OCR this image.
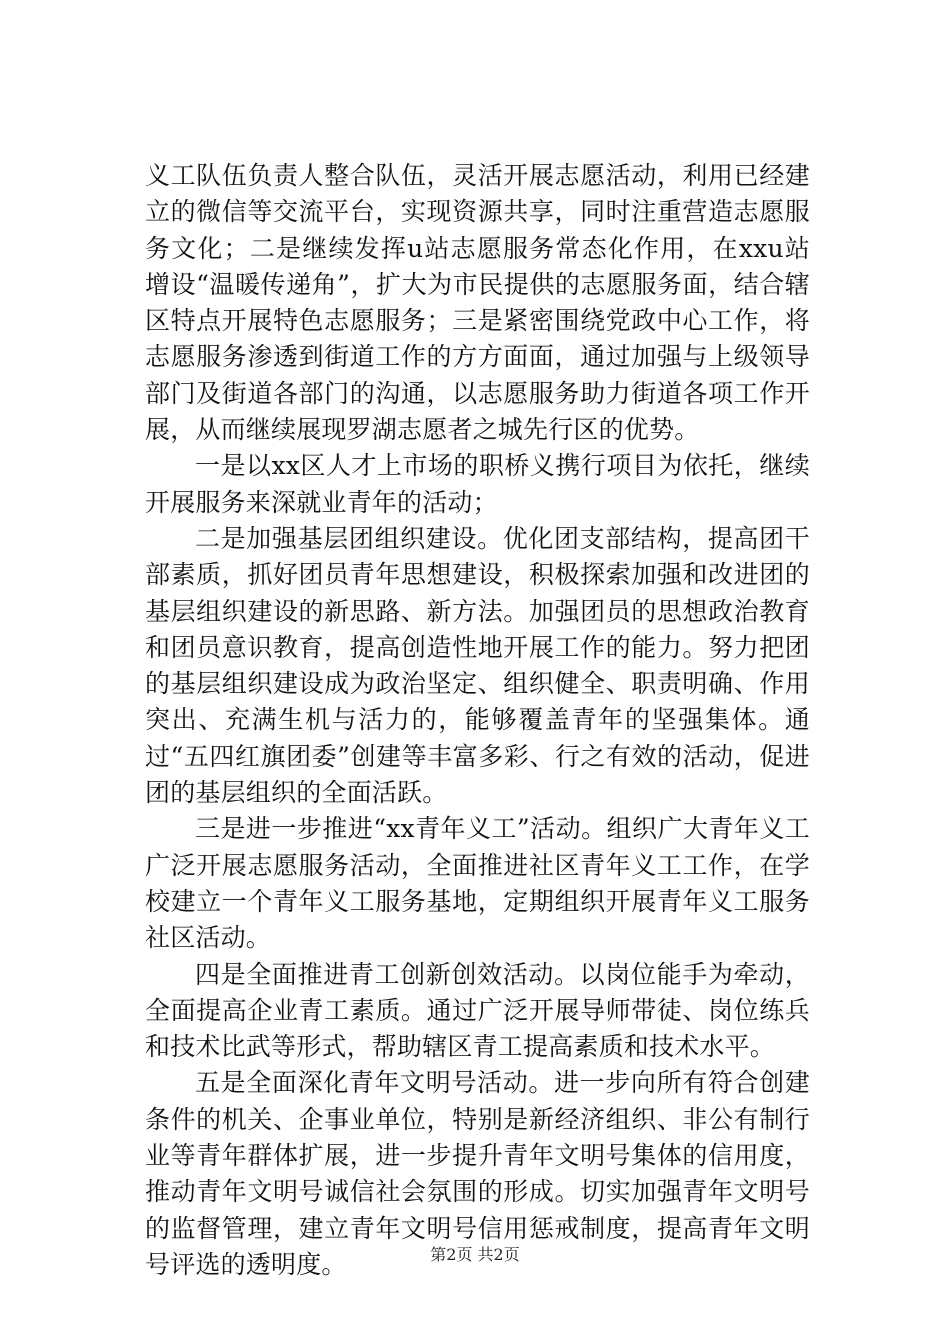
义工队伍负责人整合队伍，灵活开展志愿活动，利用已经建立的微信等交流平台，实现资源共享，同时注重营造志愿服务文化；二是继续发挥u站志愿服务常态化作用，在xxu站增设“温暖传递角”，扩大为市民提供的志愿服务面，结合辖区特点开展特色志愿服务；三是紧密围绕党政中心工作，将志愿服务渗透到街道工作的方方面面，通过加强与上级领导部门及街道各部门的沟通，以志愿服务助力街道各项工作开展，从而继续展现罗湖志愿者之城先行区的优势。

一是以xx区人才上市场的职桥义携行项目为依托，继续开展服务来深就业青年的活动；

二是加强基层团组织建设。优化团支部结构，提高团干部素质，抓好团员青年思想建设，积极探索加强和改进团的基层组织建设的新思路、新方法。加强团员的思想政治教育和团员意识教育，提高创造性地开展工作的能力。努力把团的基层组织建设成为政治坚定、组织健全、职责明确、作用突出、充满生机与活力的，能够覆盖青年的坚强集体。通过“五四红旗团委”创建等丰富多彩、行之有效的活动，促进团的基层组织的全面活跃。

三是进一步推进“xx青年义工”活动。组织广大青年义工广泛开展志愿服务活动，全面推进社区青年义工工作，在学校建立一个青年义工服务基地，定期组织开展青年义工服务社区活动。

四是全面推进青工创新创效活动。以岗位能手为牵动，全面提高企业青工素质。通过广泛开展导师带徒、岗位练兵和技术比武等形式，帮助辖区青工提高素质和技术水平。

五是全面深化青年文明号活动。进一步向所有符合创建条件的机关、企事业单位，特别是新经济组织、非公有制行业等青年群体扩展，进一步提升青年文明号集体的信用度，推动青年文明号诚信社会氛围的形成。切实加强青年文明号的监督管理，建立青年文明号信用惩戒制度，提高青年文明号评选的透明度。	第2页 共2页
